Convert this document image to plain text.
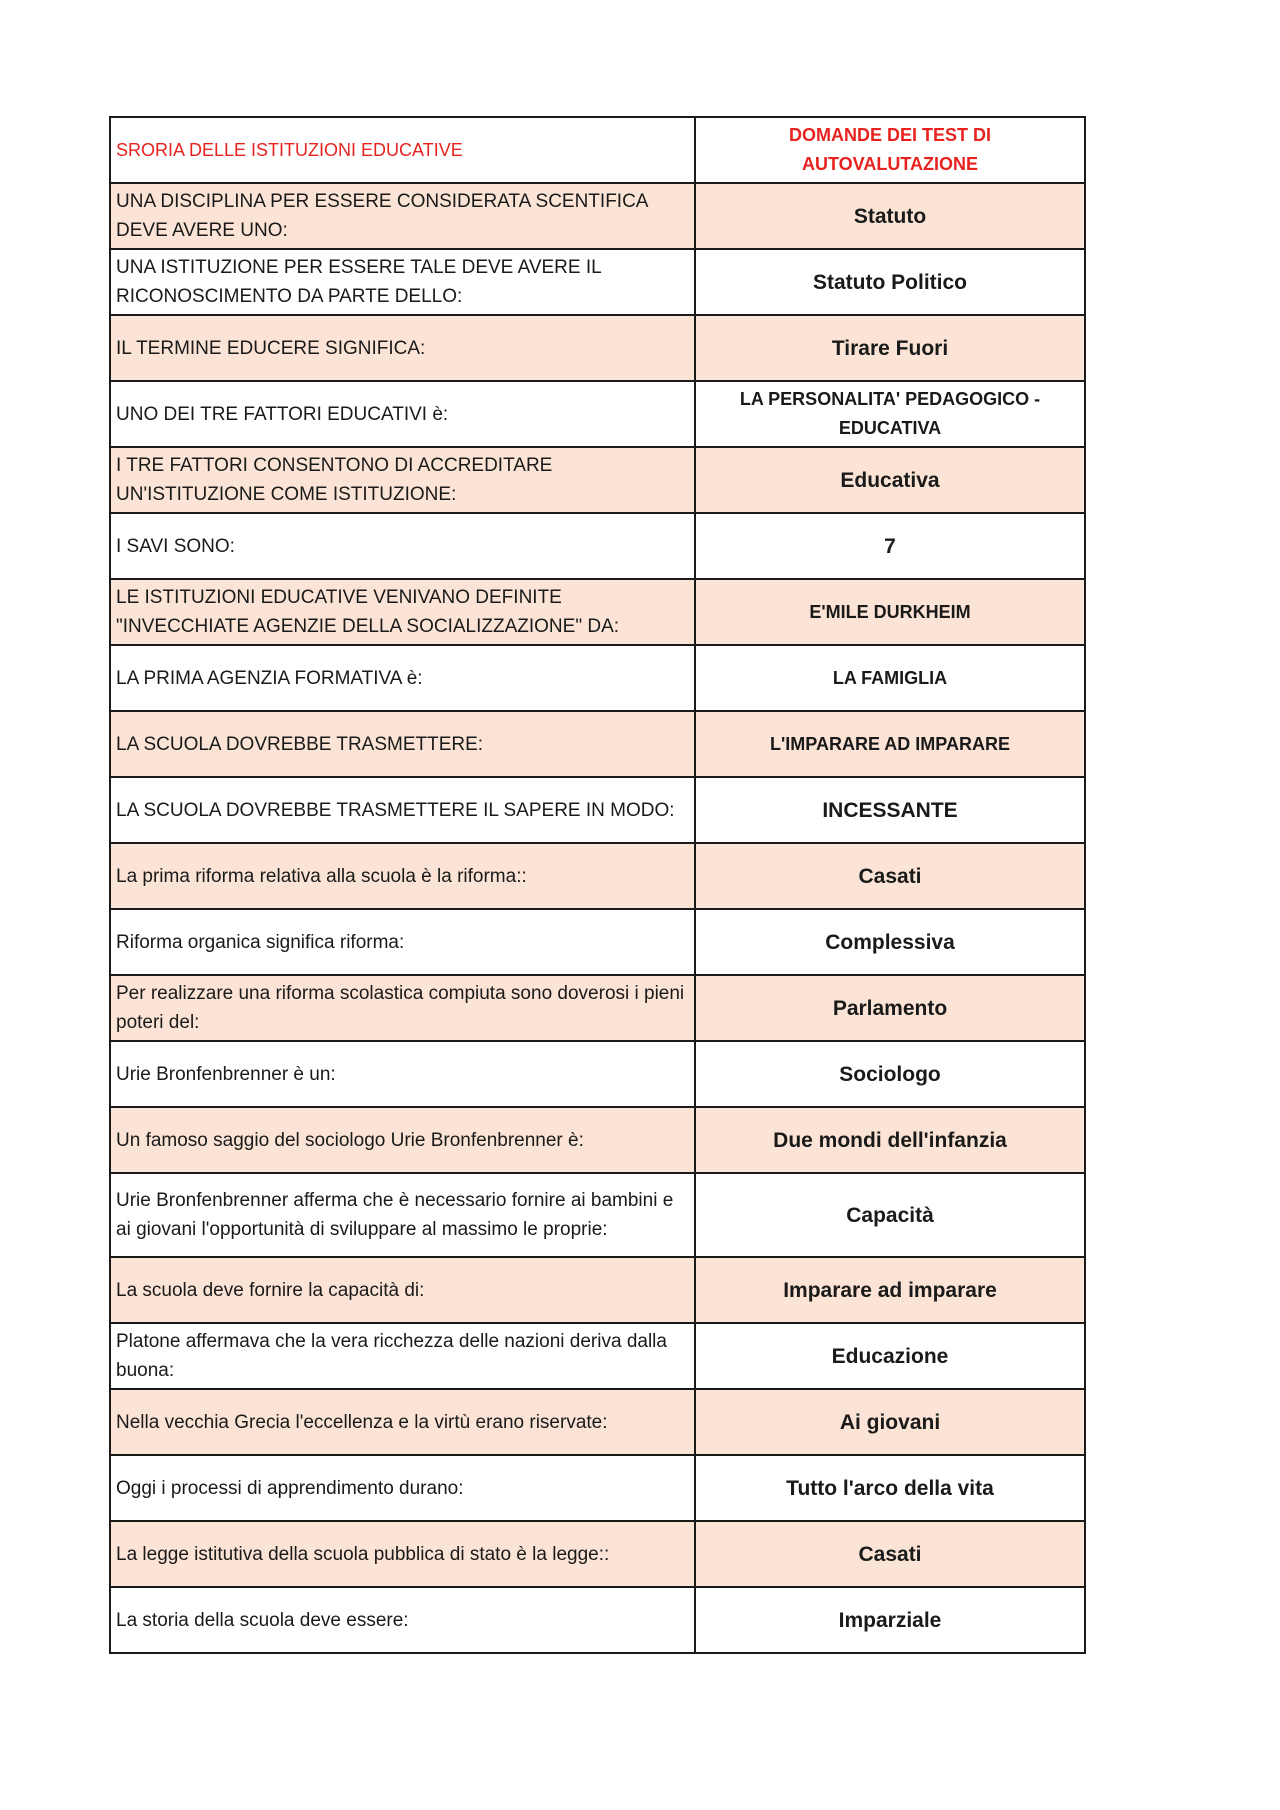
SRORIA DELLE ISTITUZIONI EDUCATIVE	DOMANDE DEI TEST DI AUTOVALUTAZIONE
UNA DISCIPLINA PER ESSERE CONSIDERATA SCENTIFICA DEVE AVERE UNO:	Statuto
UNA ISTITUZIONE PER ESSERE TALE DEVE AVERE IL RICONOSCIMENTO DA PARTE DELLO:	Statuto Politico
IL TERMINE EDUCERE SIGNIFICA:	Tirare Fuori
UNO DEI TRE FATTORI EDUCATIVI è:	LA PERSONALITA' PEDAGOGICO - EDUCATIVA
I TRE FATTORI CONSENTONO DI ACCREDITARE UN'ISTITUZIONE COME ISTITUZIONE:	Educativa
I SAVI SONO:	7
LE ISTITUZIONI EDUCATIVE VENIVANO DEFINITE "INVECCHIATE AGENZIE DELLA SOCIALIZZAZIONE" DA:	E'MILE DURKHEIM
LA PRIMA AGENZIA FORMATIVA è:	LA FAMIGLIA
LA SCUOLA DOVREBBE TRASMETTERE:	L'IMPARARE AD IMPARARE
LA SCUOLA DOVREBBE TRASMETTERE IL SAPERE IN MODO:	INCESSANTE
La prima riforma relativa alla scuola è la riforma::	Casati
Riforma organica significa riforma:	Complessiva
Per realizzare una riforma scolastica compiuta sono doverosi i pieni poteri del:	Parlamento
Urie Bronfenbrenner è un:	Sociologo
Un famoso saggio del sociologo Urie Bronfenbrenner è:	Due mondi dell'infanzia
Urie Bronfenbrenner afferma che è necessario fornire ai bambini e ai giovani l'opportunità di sviluppare al massimo le proprie:	Capacità
La scuola deve fornire la capacità di:	Imparare ad imparare
Platone affermava che la vera ricchezza delle nazioni deriva dalla buona:	Educazione
Nella vecchia Grecia l'eccellenza e la virtù erano riservate:	Ai giovani
Oggi i processi di apprendimento durano:	Tutto l'arco della vita
La legge istitutiva della scuola pubblica di stato è la legge::	Casati
La storia della scuola deve essere:	Imparziale
